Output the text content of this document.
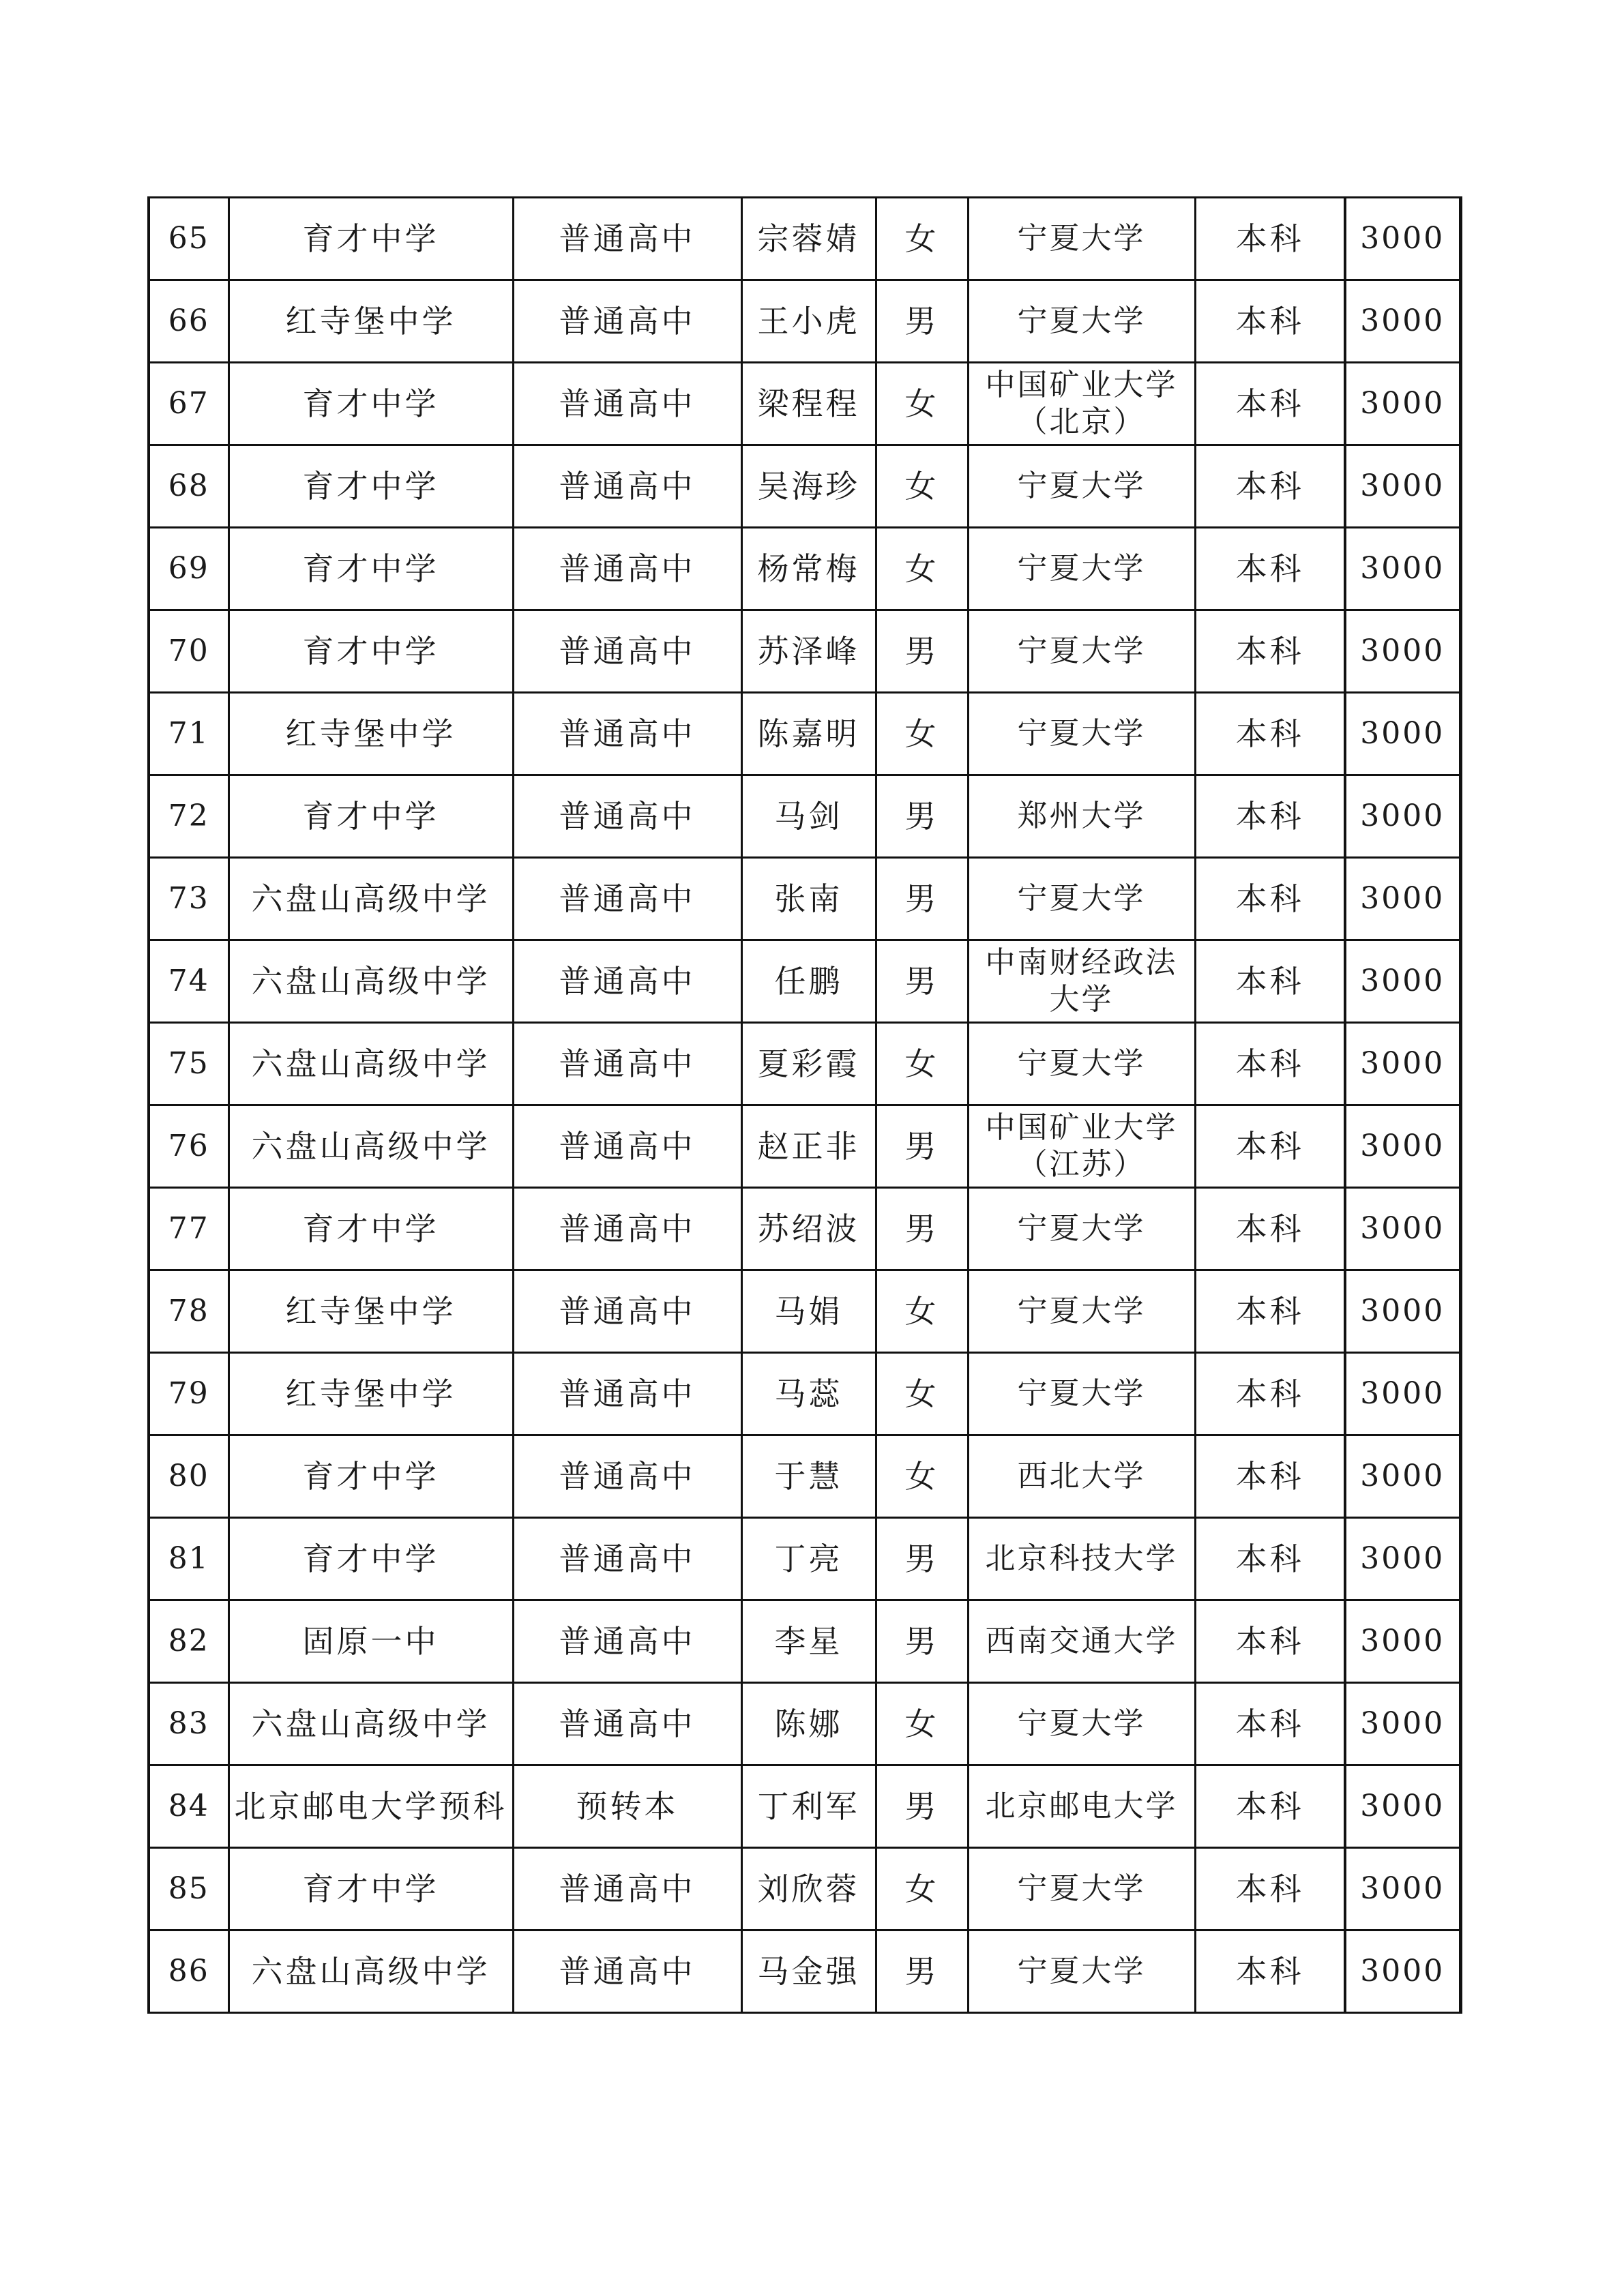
65	育才中学	普通高中	宗蓉婧	女	宁夏大学	本科	3000
66	红寺堡中学	普通高中	王小虎	男	宁夏大学	本科	3000
67	育才中学	普通高中	梁程程	女	中国矿业大学（北京）	本科	3000
68	育才中学	普通高中	吴海珍	女	宁夏大学	本科	3000
69	育才中学	普通高中	杨常梅	女	宁夏大学	本科	3000
70	育才中学	普通高中	苏泽峰	男	宁夏大学	本科	3000
71	红寺堡中学	普通高中	陈嘉明	女	宁夏大学	本科	3000
72	育才中学	普通高中	马剑	男	郑州大学	本科	3000
73	六盘山高级中学	普通高中	张南	男	宁夏大学	本科	3000
74	六盘山高级中学	普通高中	任鹏	男	中南财经政法大学	本科	3000
75	六盘山高级中学	普通高中	夏彩霞	女	宁夏大学	本科	3000
76	六盘山高级中学	普通高中	赵正非	男	中国矿业大学（江苏）	本科	3000
77	育才中学	普通高中	苏绍波	男	宁夏大学	本科	3000
78	红寺堡中学	普通高中	马娟	女	宁夏大学	本科	3000
79	红寺堡中学	普通高中	马蕊	女	宁夏大学	本科	3000
80	育才中学	普通高中	于慧	女	西北大学	本科	3000
81	育才中学	普通高中	丁亮	男	北京科技大学	本科	3000
82	固原一中	普通高中	李星	男	西南交通大学	本科	3000
83	六盘山高级中学	普通高中	陈娜	女	宁夏大学	本科	3000
84	北京邮电大学预科	预转本	丁利军	男	北京邮电大学	本科	3000
85	育才中学	普通高中	刘欣蓉	女	宁夏大学	本科	3000
86	六盘山高级中学	普通高中	马金强	男	宁夏大学	本科	3000
